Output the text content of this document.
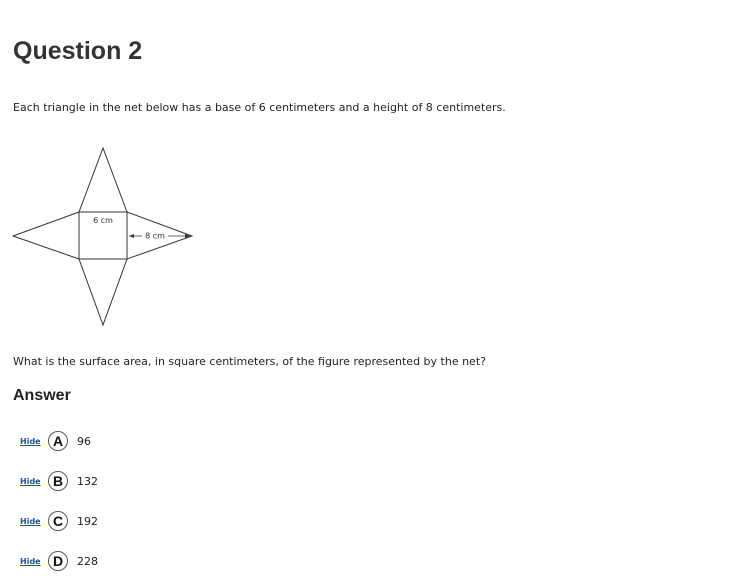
Question 2

Each triangle in the net below has a base of 6 centimeters and a height of 8 centimeters.

6 cm
8 cm

What is the surface area, in square centimeters, of the figure represented by the net?

Answer
Hide A	96
Hide B	132
Hide C	192
Hide D	228
